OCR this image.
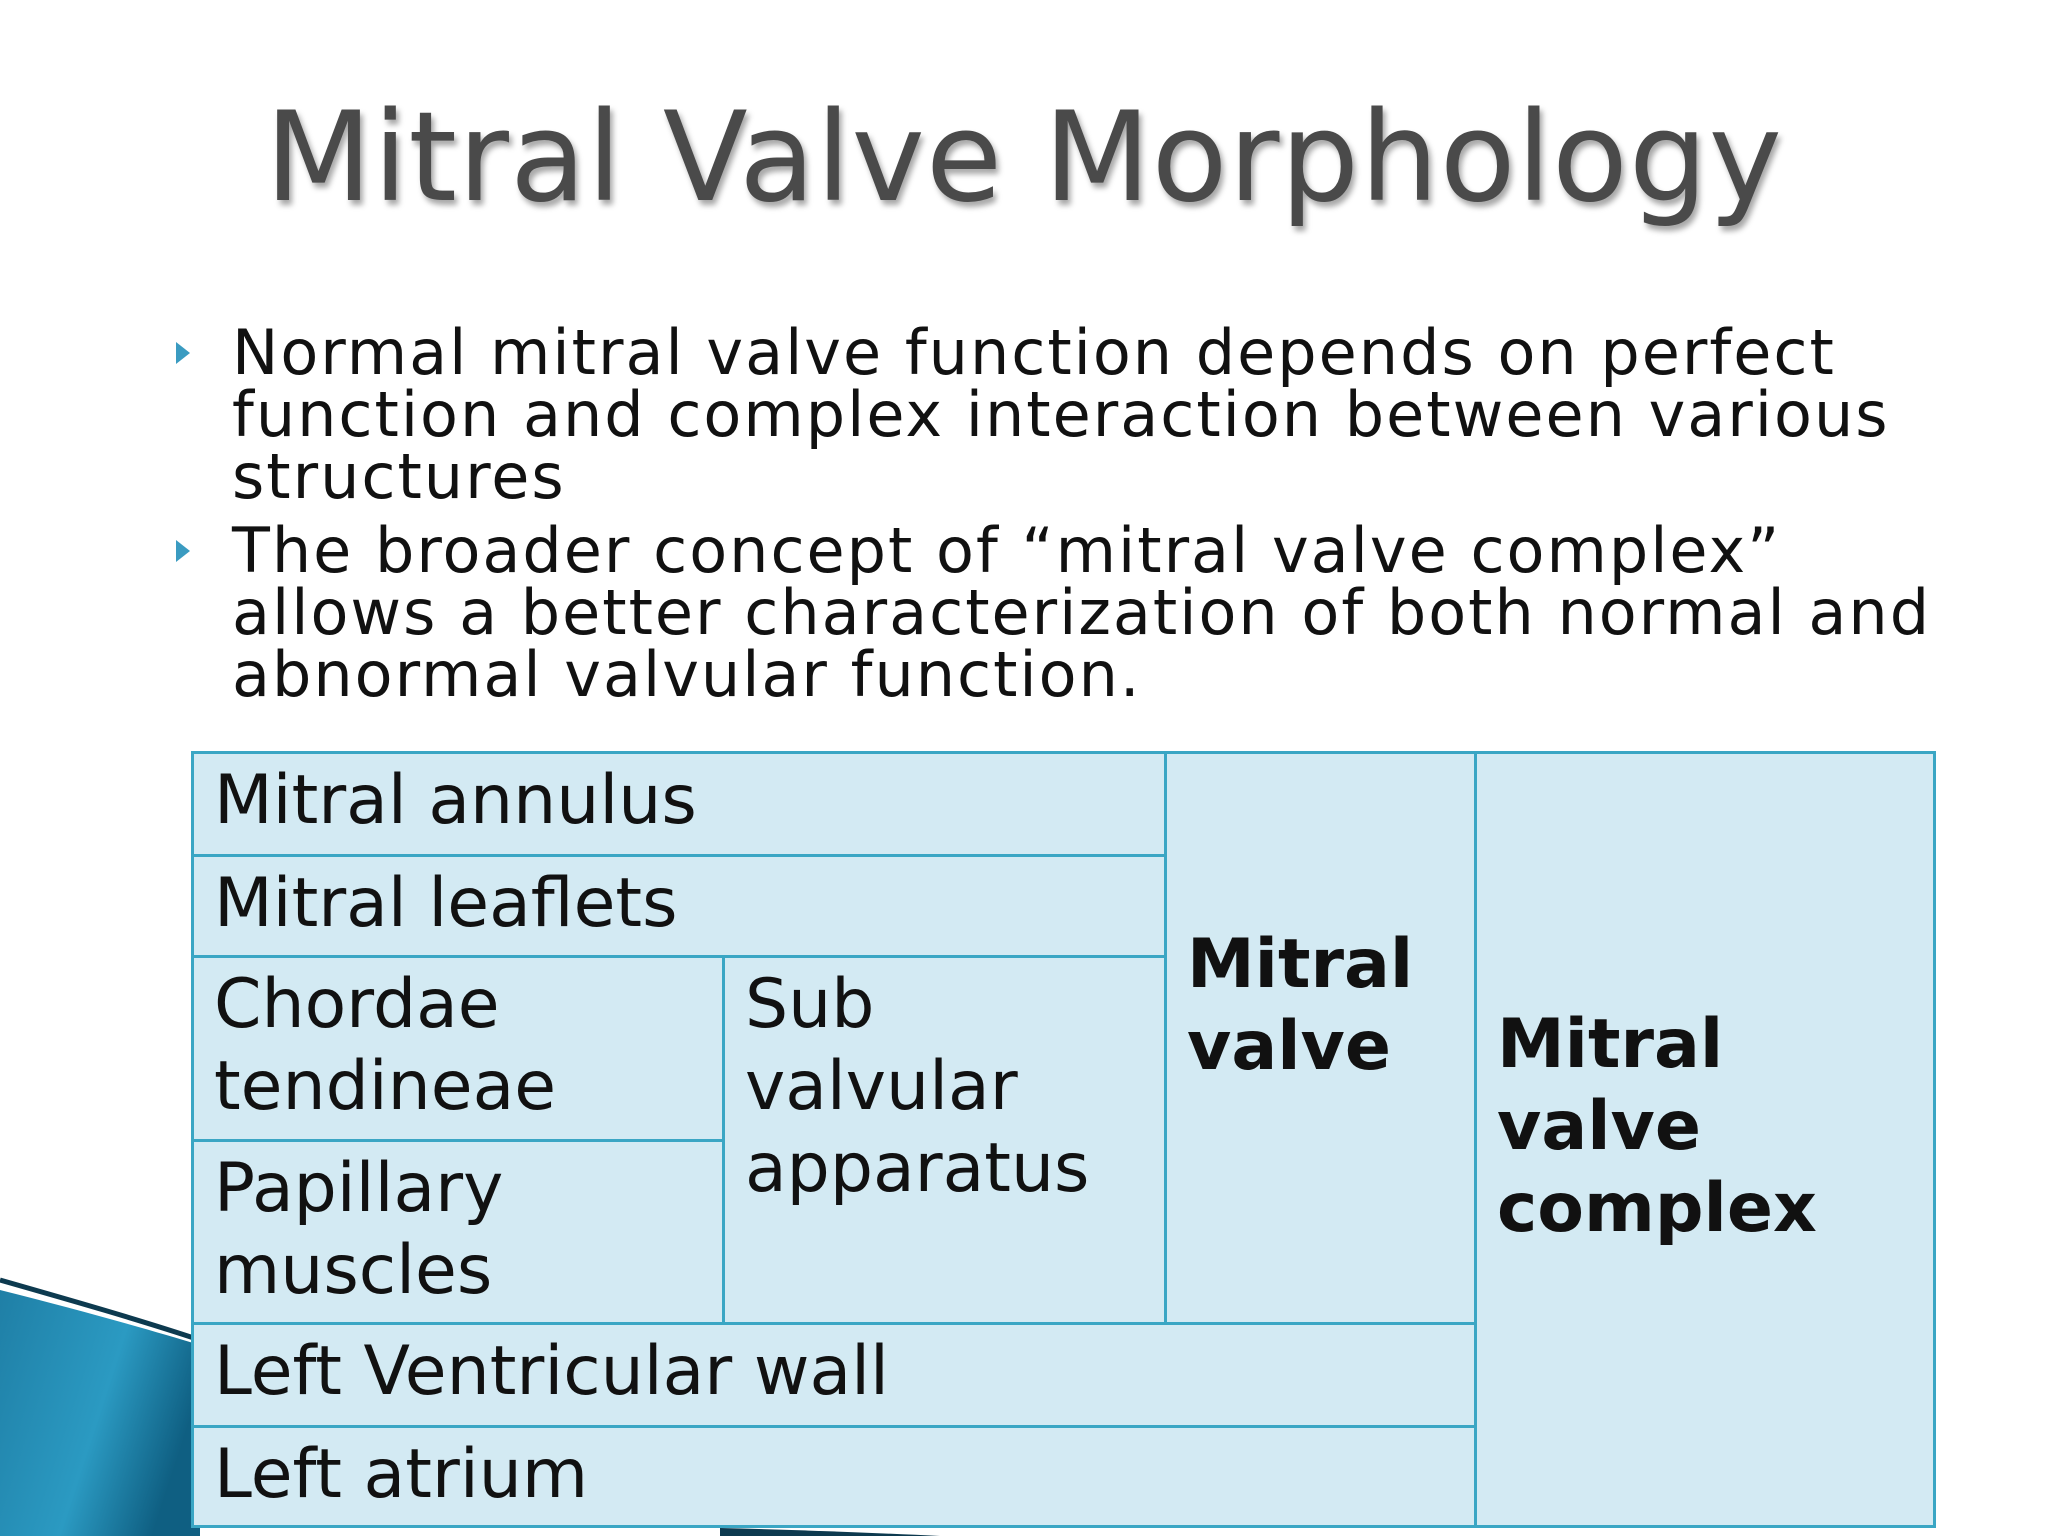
Mitral Valve Morphology
Normal mitral valve function depends on perfect function and complex interaction between various structures
The broader concept of “mitral valve complex” allows a better characterization of both normal and abnormal valvular function.
Mitral valve complex
Mitral valve
Mitral annulus
Mitral leaflets
Chordae tendineae
Papillary muscles
Sub valvular apparatus
Left Ventricular wall
Left atrium
